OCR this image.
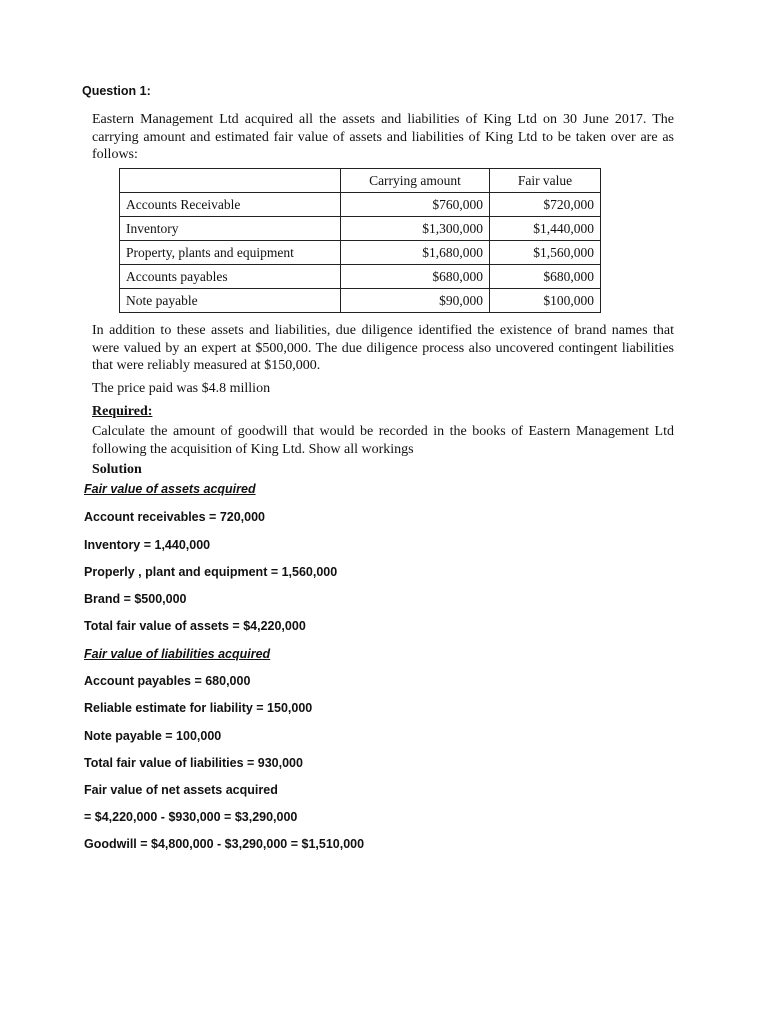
Question 1:
Eastern Management Ltd acquired all the assets and liabilities of King Ltd on 30 June 2017. The carrying amount and estimated fair value of assets and liabilities of King Ltd to be taken over are as follows:
	Carrying amount	Fair value
Accounts Receivable	$760,000	$720,000
Inventory	$1,300,000	$1,440,000
Property, plants and equipment	$1,680,000	$1,560,000
Accounts payables	$680,000	$680,000
Note payable	$90,000	$100,000
In addition to these assets and liabilities, due diligence identified the existence of brand names that were valued by an expert at $500,000. The due diligence process also uncovered contingent liabilities that were reliably measured at $150,000.
The price paid was $4.8 million
Required:
Calculate the amount of goodwill that would be recorded in the books of Eastern Management Ltd following the acquisition of King Ltd. Show all workings
Solution
Fair value of assets acquired
Account receivables = 720,000
Inventory = 1,440,000
Properly , plant and equipment = 1,560,000
Brand = $500,000
Total fair value of assets = $4,220,000
Fair value of liabilities acquired
Account payables = 680,000
Reliable estimate for liability = 150,000
Note payable = 100,000
Total fair value of liabilities = 930,000
Fair value of net assets acquired
= $4,220,000 - $930,000 = $3,290,000
Goodwill = $4,800,000 - $3,290,000 = $1,510,000
